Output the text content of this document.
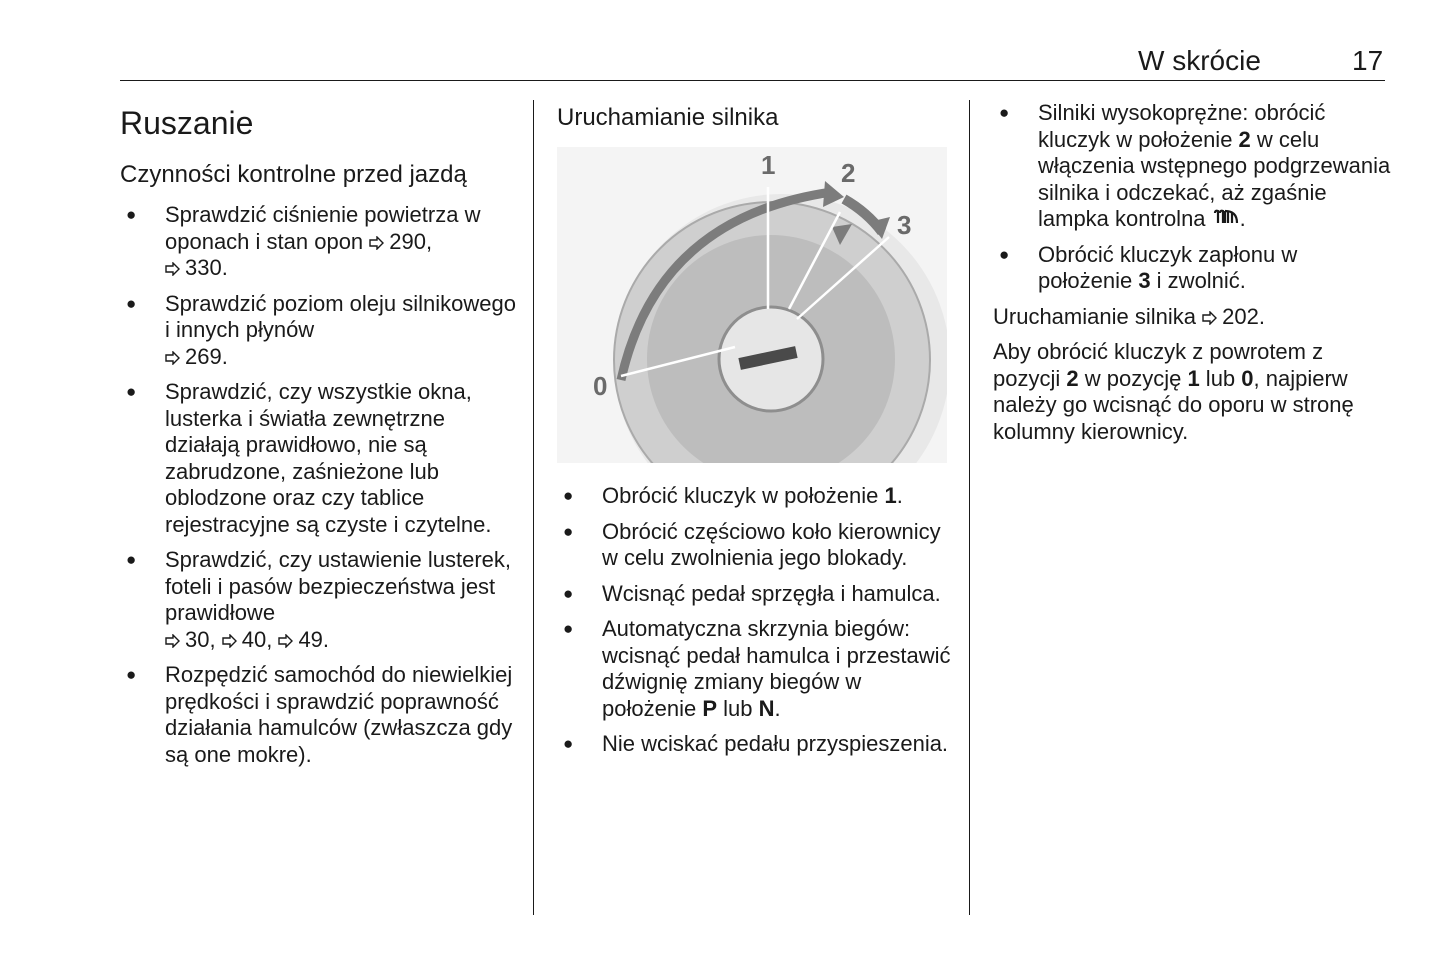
W skrócie	17
Ruszanie
Czynności kontrolne przed jazdą
● Sprawdzić ciśnienie powietrza w oponach i stan opon 290,
330.
● Sprawdzić poziom oleju silnikowego i innych płynów
269.
● Sprawdzić, czy wszystkie okna, lusterka i światła zewnętrzne działają prawidłowo, nie są zabrudzone, zaśnieżone lub oblodzone oraz czy tablice rejestracyjne są czyste i czytelne.
● Sprawdzić, czy ustawienie lusterek, foteli i pasów bezpieczeństwa jest prawidłowe
30, 40, 49.
● Rozpędzić samochód do niewielkiej prędkości i sprawdzić poprawność działania hamulców (zwłaszcza gdy są one mokre).
Uruchamianie silnika
0
1	2
3
● Obrócić kluczyk w położenie 1.
● Obrócić częściowo koło kierownicy w celu zwolnienia jego blokady.
● Wcisnąć pedał sprzęgła i hamulca.
● Automatyczna skrzynia biegów: wcisnąć pedał hamulca i przestawić dźwignię zmiany biegów w położenie P lub N.
● Nie wciskać pedału przyspieszenia.
● Silniki wysokoprężne: obrócić kluczyk w położenie 2 w celu włączenia wstępnego podgrzewania silnika i odczekać, aż zgaśnie lampka kontrolna .
● Obrócić kluczyk zapłonu w położenie 3 i zwolnić.

Uruchamianie silnika 202.

Aby obrócić kluczyk z powrotem z pozycji 2 w pozycję 1 lub 0, najpierw należy go wcisnąć do oporu w stronę kolumny kierownicy.
